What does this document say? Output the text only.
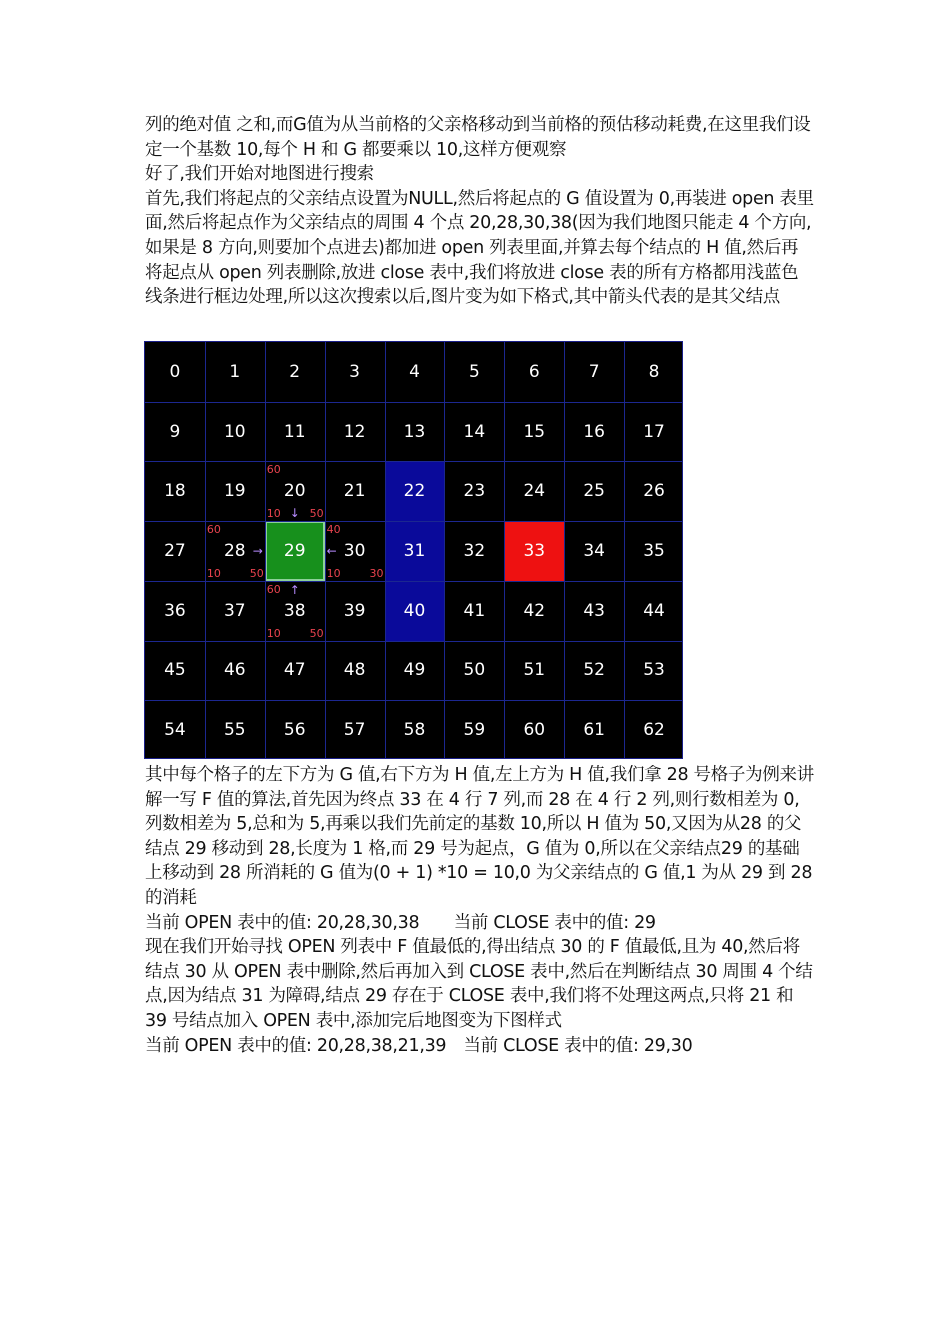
列的绝对值 之和,而G值为从当前格的父亲格移动到当前格的预估移动耗费,在这里我们设定一个基数 10,每个 H 和 G 都要乘以 10,这样方便观察

好了,我们开始对地图进行搜索

首先,我们将起点的父亲结点设置为NULL,然后将起点的 G 值设置为 0,再装进 open 表里面,然后将起点作为父亲结点的周围 4 个点 20,28,30,38(因为我们地图只能走 4 个方向,如果是 8 方向,则要加个点进去)都加进 open 列表里面,并算去每个结点的 H 值,然后再将起点从 open 列表删除,放进 close 表中,我们将放进 close 表的所有方格都用浅蓝色线条进行框边处理,所以这次搜索以后,图片变为如下格式,其中箭头代表的是其父结点

0	1	2	3	4	5	6	7	8
9	10	11	12	13	14	15	16	17
18	19	20	21	22	23	24	25	26
27	28	29	30	31	32	33	34	35
36	37	38	39	40	41	42	43	44
45	46	47	48	49	50	51	52	53
54	55	56	57	58	59	60	61	62
60
10	50
↓
60
10	50
→
40
10	30
←
60
10	50
↑

其中每个格子的左下方为 G 值,右下方为 H 值,左上方为 H 值,我们拿 28 号格子为例来讲解一写 F 值的算法,首先因为终点 33 在 4 行 7 列,而 28 在 4 行 2 列,则行数相差为 0,列数相差为 5,总和为 5,再乘以我们先前定的基数 10,所以 H 值为 50,又因为从28 的父结点 29 移动到 28,长度为 1 格,而 29 号为起点，G 值为 0,所以在父亲结点29 的基础上移动到 28 所消耗的 G 值为(0 + 1) *10 = 10,0 为父亲结点的 G 值,1 为从 29 到 28 的消耗

当前 OPEN 表中的值: 20,28,30,38　　当前 CLOSE 表中的值: 29

现在我们开始寻找 OPEN 列表中 F 值最低的,得出结点 30 的 F 值最低,且为 40,然后将结点 30 从 OPEN 表中删除,然后再加入到 CLOSE 表中,然后在判断结点 30 周围 4 个结点,因为结点 31 为障碍,结点 29 存在于 CLOSE 表中,我们将不处理这两点,只将 21 和 39 号结点加入 OPEN 表中,添加完后地图变为下图样式

当前 OPEN 表中的值: 20,28,38,21,39　当前 CLOSE 表中的值: 29,30
